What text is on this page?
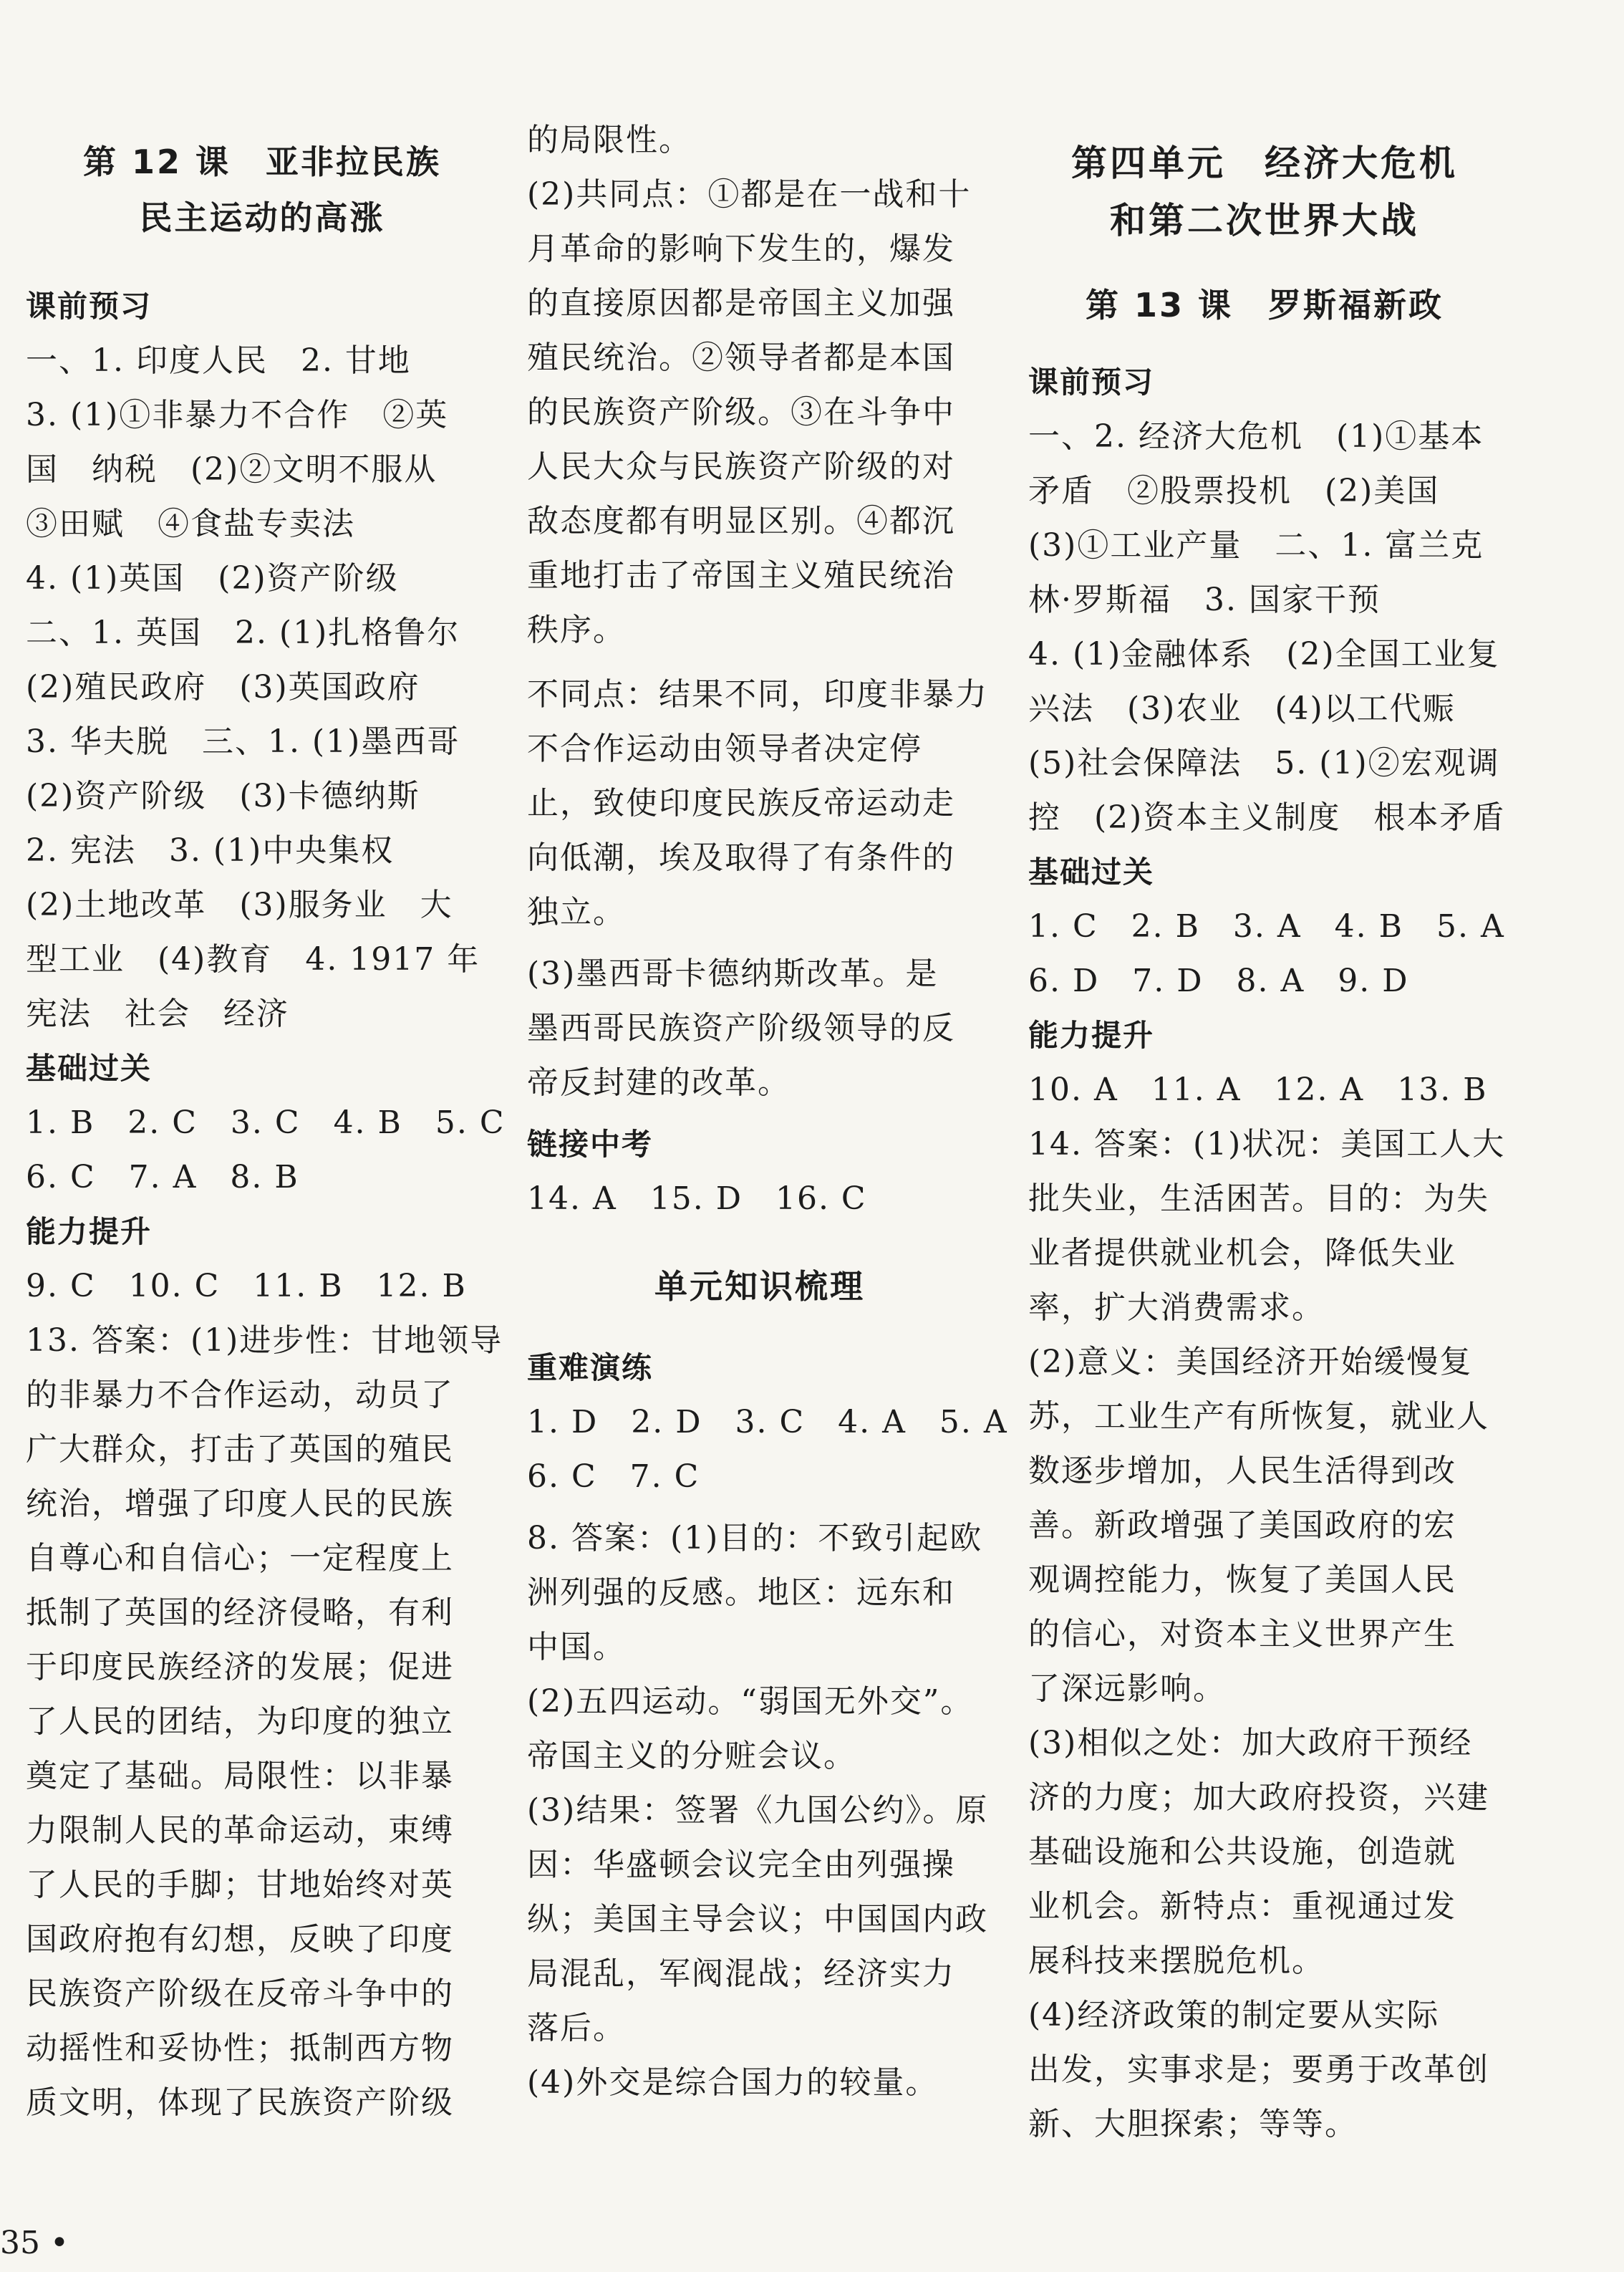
第 12 课　亚非拉民族
民主运动的高涨
课前预习
一、1. 印度人民　2. 甘地
3. (1)①非暴力不合作　②英
国　纳税　(2)②文明不服从
③田赋　④食盐专卖法
4. (1)英国　(2)资产阶级
二、1. 英国　2. (1)扎格鲁尔
(2)殖民政府　(3)英国政府
3. 华夫脱　三、1. (1)墨西哥
(2)资产阶级　(3)卡德纳斯
2. 宪法　3. (1)中央集权
(2)土地改革　(3)服务业　大
型工业　(4)教育　4. 1917 年
宪法　社会　经济
基础过关
1. B　2. C　3. C　4. B　5. C
6. C　7. A　8. B
能力提升
9. C　10. C　11. B　12. B
13. 答案：(1)进步性：甘地领导
的非暴力不合作运动，动员了
广大群众，打击了英国的殖民
统治，增强了印度人民的民族
自尊心和自信心；一定程度上
抵制了英国的经济侵略，有利
于印度民族经济的发展；促进
了人民的团结，为印度的独立
奠定了基础。局限性：以非暴
力限制人民的革命运动，束缚
了人民的手脚；甘地始终对英
国政府抱有幻想，反映了印度
民族资产阶级在反帝斗争中的
动摇性和妥协性；抵制西方物
质文明，体现了民族资产阶级
的局限性。
(2)共同点：①都是在一战和十
月革命的影响下发生的，爆发
的直接原因都是帝国主义加强
殖民统治。②领导者都是本国
的民族资产阶级。③在斗争中
人民大众与民族资产阶级的对
敌态度都有明显区别。④都沉
重地打击了帝国主义殖民统治
秩序。
不同点：结果不同，印度非暴力
不合作运动由领导者决定停
止，致使印度民族反帝运动走
向低潮，埃及取得了有条件的
独立。
(3)墨西哥卡德纳斯改革。是
墨西哥民族资产阶级领导的反
帝反封建的改革。
链接中考
14. A　15. D　16. C
单元知识梳理
重难演练
1. D　2. D　3. C　4. A　5. A
6. C　7. C
8. 答案：(1)目的：不致引起欧
洲列强的反感。地区：远东和
中国。
(2)五四运动。“弱国无外交”。
帝国主义的分赃会议。
(3)结果：签署《九国公约》。原
因：华盛顿会议完全由列强操
纵；美国主导会议；中国国内政
局混乱，军阀混战；经济实力
落后。
(4)外交是综合国力的较量。
第四单元　经济大危机
和第二次世界大战
第 13 课　罗斯福新政
课前预习
一、2. 经济大危机　(1)①基本
矛盾　②股票投机　(2)美国
(3)①工业产量　二、1. 富兰克
林·罗斯福　3. 国家干预
4. (1)金融体系　(2)全国工业复
兴法　(3)农业　(4)以工代赈
(5)社会保障法　5. (1)②宏观调
控　(2)资本主义制度　根本矛盾
基础过关
1. C　2. B　3. A　4. B　5. A
6. D　7. D　8. A　9. D
能力提升
10. A　11. A　12. A　13. B
14. 答案：(1)状况：美国工人大
批失业，生活困苦。目的：为失
业者提供就业机会，降低失业
率，扩大消费需求。
(2)意义：美国经济开始缓慢复
苏，工业生产有所恢复，就业人
数逐步增加，人民生活得到改
善。新政增强了美国政府的宏
观调控能力，恢复了美国人民
的信心，对资本主义世界产生
了深远影响。
(3)相似之处：加大政府干预经
济的力度；加大政府投资，兴建
基础设施和公共设施，创造就
业机会。新特点：重视通过发
展科技来摆脱危机。
(4)经济政策的制定要从实际
出发，实事求是；要勇于改革创
新、大胆探索；等等。
35 •
